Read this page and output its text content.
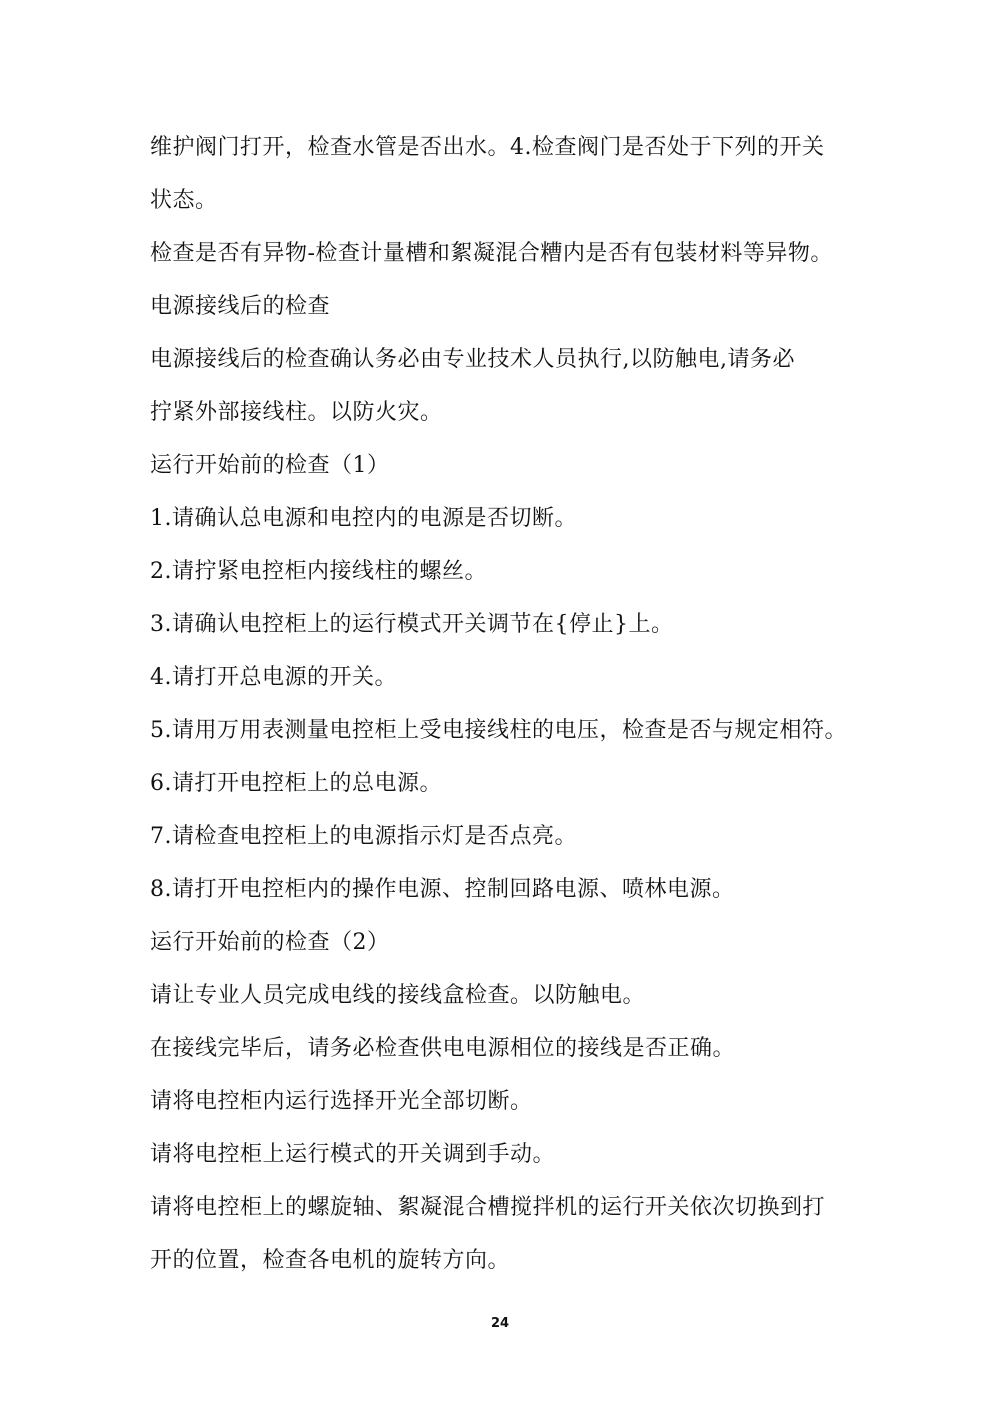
维护阀门打开，检查水管是否出水。4.检查阀门是否处于下列的开关
状态。
检查是否有异物-检查计量槽和絮凝混合糟内是否有包装材料等异物。
电源接线后的检查
电源接线后的检查确认务必由专业技术人员执行,以防触电,请务必
拧紧外部接线柱。以防火灾。
运行开始前的检查（1）
1.请确认总电源和电控内的电源是否切断。
2.请拧紧电控柜内接线柱的螺丝。
3.请确认电控柜上的运行模式开关调节在{停止}上。
4.请打开总电源的开关。
5.请用万用表测量电控柜上受电接线柱的电压，检查是否与规定相符。
6.请打开电控柜上的总电源。
7.请检查电控柜上的电源指示灯是否点亮。
8.请打开电控柜内的操作电源、控制回路电源、喷林电源。
运行开始前的检查（2）
请让专业人员完成电线的接线盒检查。以防触电。
在接线完毕后，请务必检查供电电源相位的接线是否正确。
请将电控柜内运行选择开光全部切断。
请将电控柜上运行模式的开关调到手动。
请将电控柜上的螺旋轴、絮凝混合槽搅拌机的运行开关依次切换到打
开的位置，检查各电机的旋转方向。
24
